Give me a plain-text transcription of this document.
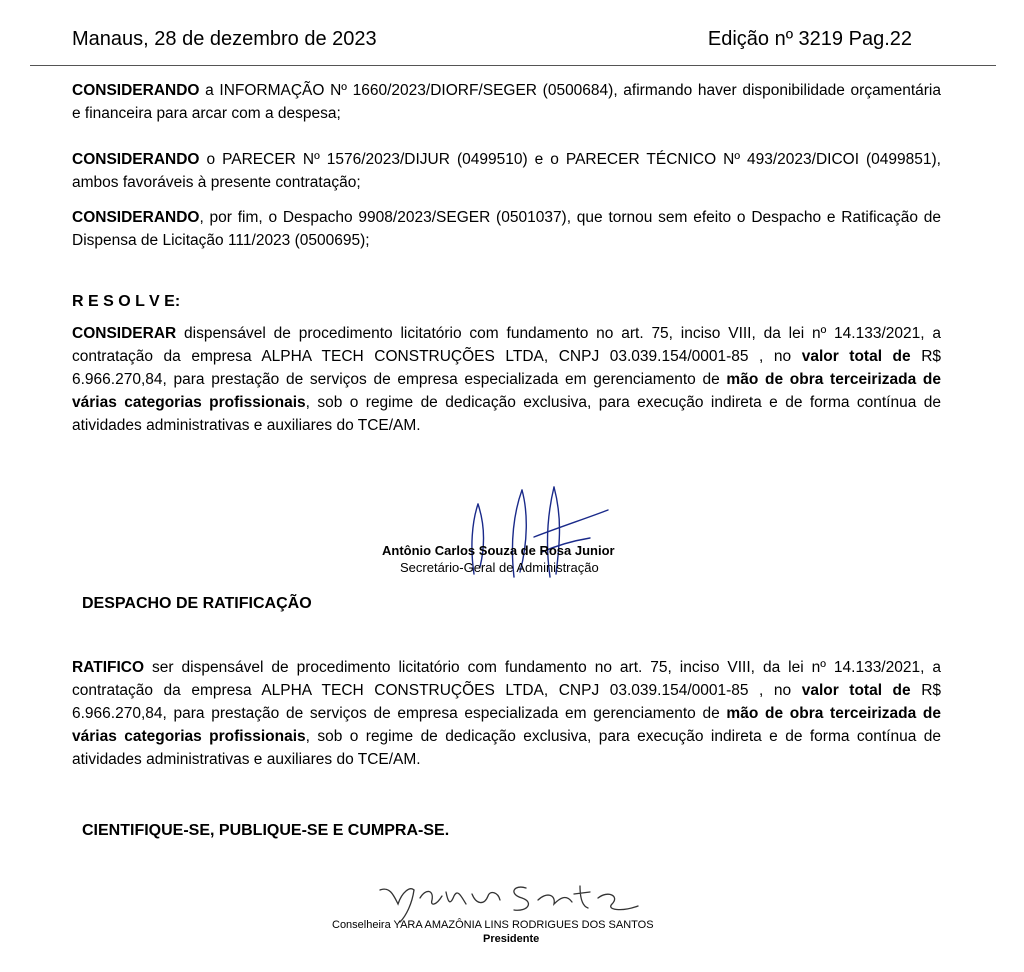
Manaus, 28 de dezembro de 2023	Edição nº 3219 Pag.22

CONSIDERANDO a INFORMAÇÃO Nº 1660/2023/DIORF/SEGER (0500684), afirmando haver disponibilidade orçamentária e financeira para arcar com a despesa;

CONSIDERANDO o PARECER Nº 1576/2023/DIJUR (0499510) e o PARECER TÉCNICO Nº 493/2023/DICOI (0499851), ambos favoráveis à presente contratação;

CONSIDERANDO, por fim, o Despacho 9908/2023/SEGER (0501037), que tornou sem efeito o Despacho e Ratificação de Dispensa de Licitação 111/2023 (0500695);

R E S O L V E:

CONSIDERAR dispensável de procedimento licitatório com fundamento no art. 75, inciso VIII, da lei nº 14.133/2021, a contratação da empresa ALPHA TECH CONSTRUÇÕES LTDA, CNPJ 03.039.154/0001-85 , no valor total de R$ 6.966.270,84, para prestação de serviços de empresa especializada em gerenciamento de mão de obra terceirizada de várias categorias profissionais, sob o regime de dedicação exclusiva, para execução indireta e de forma contínua de atividades administrativas e auxiliares do TCE/AM.

Antônio Carlos Souza de Rosa Junior
Secretário-Geral de Administração
DESPACHO DE RATIFICAÇÃO

RATIFICO ser dispensável de procedimento licitatório com fundamento no art. 75, inciso VIII, da lei nº 14.133/2021, a contratação da empresa ALPHA TECH CONSTRUÇÕES LTDA, CNPJ 03.039.154/0001-85 , no valor total de R$ 6.966.270,84, para prestação de serviços de empresa especializada em gerenciamento de mão de obra terceirizada de várias categorias profissionais, sob o regime de dedicação exclusiva, para execução indireta e de forma contínua de atividades administrativas e auxiliares do TCE/AM.

CIENTIFIQUE-SE, PUBLIQUE-SE E CUMPRA-SE.
Conselheira YARA AMAZÔNIA LINS RODRIGUES DOS SANTOS
Presidente
